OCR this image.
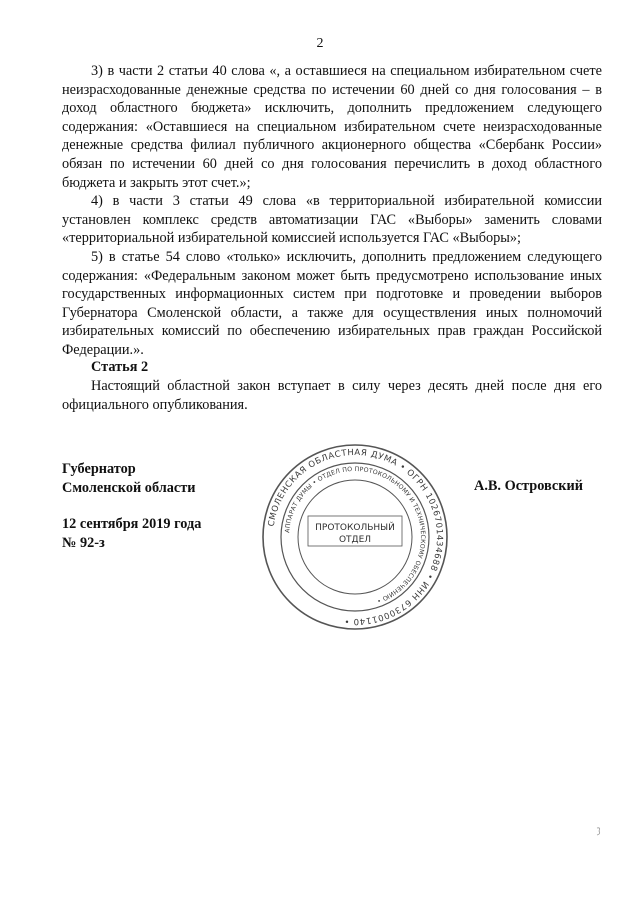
2

3) в части 2 статьи 40 слова «, а оставшиеся на специальном избирательном счете неизрасходованные денежные средства по истечении 60 дней со дня голосования – в доход областного бюджета» исключить, дополнить предложением следующего содержания: «Оставшиеся на специальном избирательном счете неизрасходованные денежные средства филиал публичного акционерного общества «Сбербанк России» обязан по истечении 60 дней со дня голосования перечислить в доход областного бюджета и закрыть этот счет.»;

4) в части 3 статьи 49 слова «в территориальной избирательной комиссии установлен комплекс средств автоматизации ГАС «Выборы» заменить словами «территориальной избирательной комиссией используется ГАС «Выборы»;

5) в статье 54 слово «только» исключить, дополнить предложением следующего содержания: «Федеральным законом может быть предусмотрено использование иных государственных информационных систем при подготовке и проведении выборов Губернатора Смоленской области, а также для осуществления иных полномочий избирательных комиссий по обеспечению избирательных прав граждан Российской Федерации.».

Статья 2

Настоящий областной закон вступает в силу через десять дней после дня его официального опубликования.

Губернатор
Смоленской области
12 сентября 2019 года
№ 92-з
А.В. Островский
СМОЛЕНСКАЯ ОБЛАСТНАЯ ДУМА • ОГРН 1026701434688 • ИНН 6730001140 •
АППАРАТ ДУМЫ • ОТДЕЛ ПО ПРОТОКОЛЬНОМУ И ТЕХНИЧЕСКОМУ ОБЕСПЕЧЕНИЮ •
ПРОТОКОЛЬНЫЙ
ОТДЕЛ
